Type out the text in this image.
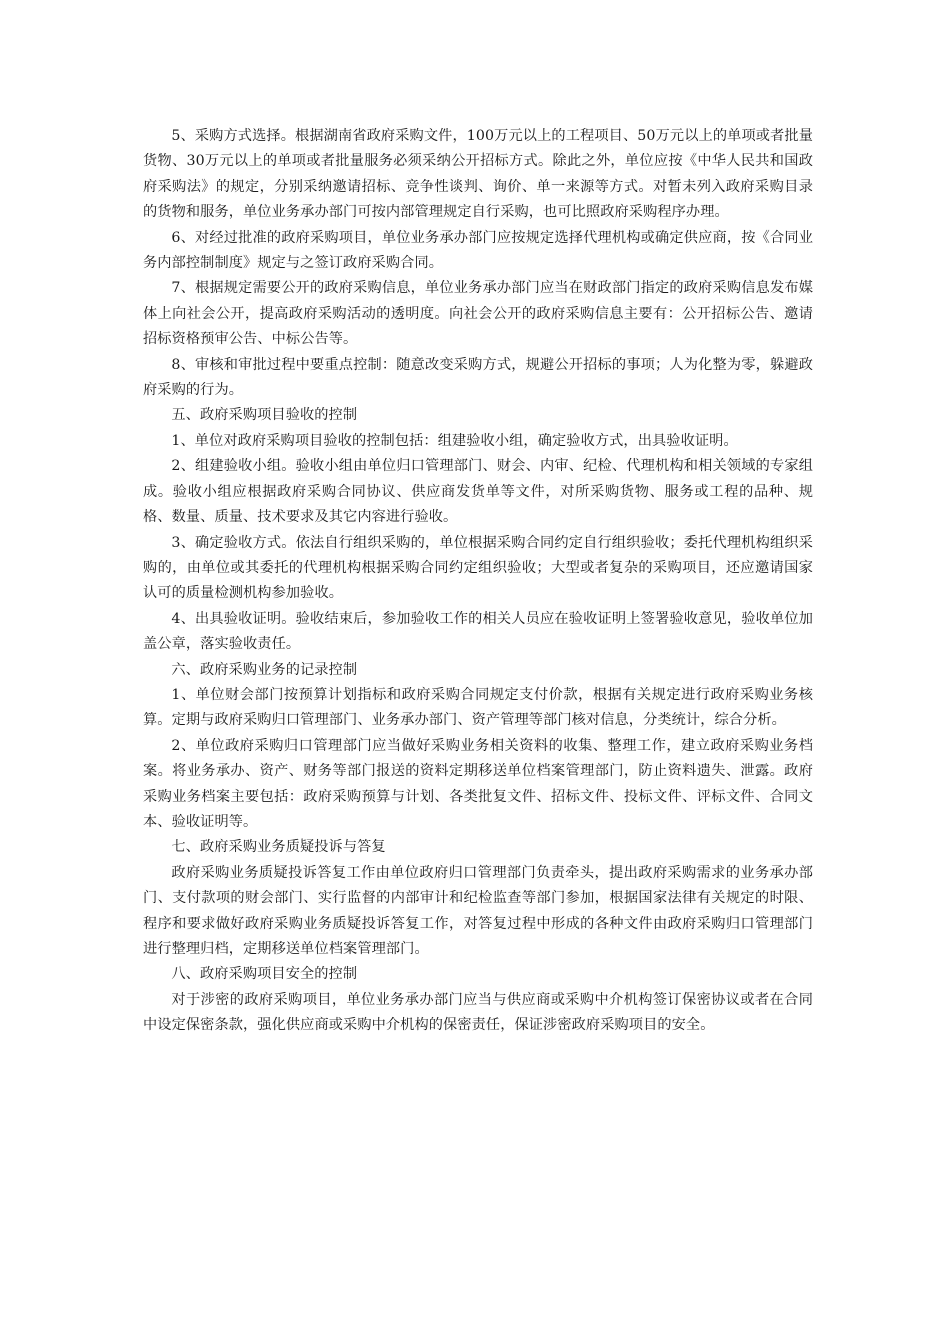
5、采购方式选择。根据湖南省政府采购文件，100万元以上的工程项目、50万元以上的单项或者批量货物、30万元以上的单项或者批量服务必须采纳公开招标方式。除此之外，单位应按《中华人民共和国政府采购法》的规定，分别采纳邀请招标、竞争性谈判、询价、单一来源等方式。对暂未列入政府采购目录的货物和服务，单位业务承办部门可按内部管理规定自行采购，也可比照政府采购程序办理。

6、对经过批准的政府采购项目，单位业务承办部门应按规定选择代理机构或确定供应商，按《合同业务内部控制制度》规定与之签订政府采购合同。

7、根据规定需要公开的政府采购信息，单位业务承办部门应当在财政部门指定的政府采购信息发布媒体上向社会公开，提高政府采购活动的透明度。向社会公开的政府采购信息主要有：公开招标公告、邀请招标资格预审公告、中标公告等。

8、审核和审批过程中要重点控制：随意改变采购方式，规避公开招标的事项；人为化整为零，躲避政府采购的行为。

五、政府采购项目验收的控制

1、单位对政府采购项目验收的控制包括：组建验收小组，确定验收方式，出具验收证明。

2、组建验收小组。验收小组由单位归口管理部门、财会、内审、纪检、代理机构和相关领域的专家组成。验收小组应根据政府采购合同协议、供应商发货单等文件，对所采购货物、服务或工程的品种、规格、数量、质量、技术要求及其它内容进行验收。

3、确定验收方式。依法自行组织采购的，单位根据采购合同约定自行组织验收；委托代理机构组织采购的，由单位或其委托的代理机构根据采购合同约定组织验收；大型或者复杂的采购项目，还应邀请国家认可的质量检测机构参加验收。

4、出具验收证明。验收结束后，参加验收工作的相关人员应在验收证明上签署验收意见，验收单位加盖公章，落实验收责任。

六、政府采购业务的记录控制

1、单位财会部门按预算计划指标和政府采购合同规定支付价款，根据有关规定进行政府采购业务核算。定期与政府采购归口管理部门、业务承办部门、资产管理等部门核对信息，分类统计，综合分析。

2、单位政府采购归口管理部门应当做好采购业务相关资料的收集、整理工作，建立政府采购业务档案。将业务承办、资产、财务等部门报送的资料定期移送单位档案管理部门，防止资料遗失、泄露。政府采购业务档案主要包括：政府采购预算与计划、各类批复文件、招标文件、投标文件、评标文件、合同文本、验收证明等。

七、政府采购业务质疑投诉与答复

政府采购业务质疑投诉答复工作由单位政府归口管理部门负责牵头，提出政府采购需求的业务承办部门、支付款项的财会部门、实行监督的内部审计和纪检监查等部门参加，根据国家法律有关规定的时限、程序和要求做好政府采购业务质疑投诉答复工作，对答复过程中形成的各种文件由政府采购归口管理部门进行整理归档，定期移送单位档案管理部门。

八、政府采购项目安全的控制

对于涉密的政府采购项目，单位业务承办部门应当与供应商或采购中介机构签订保密协议或者在合同中设定保密条款，强化供应商或采购中介机构的保密责任，保证涉密政府采购项目的安全。
